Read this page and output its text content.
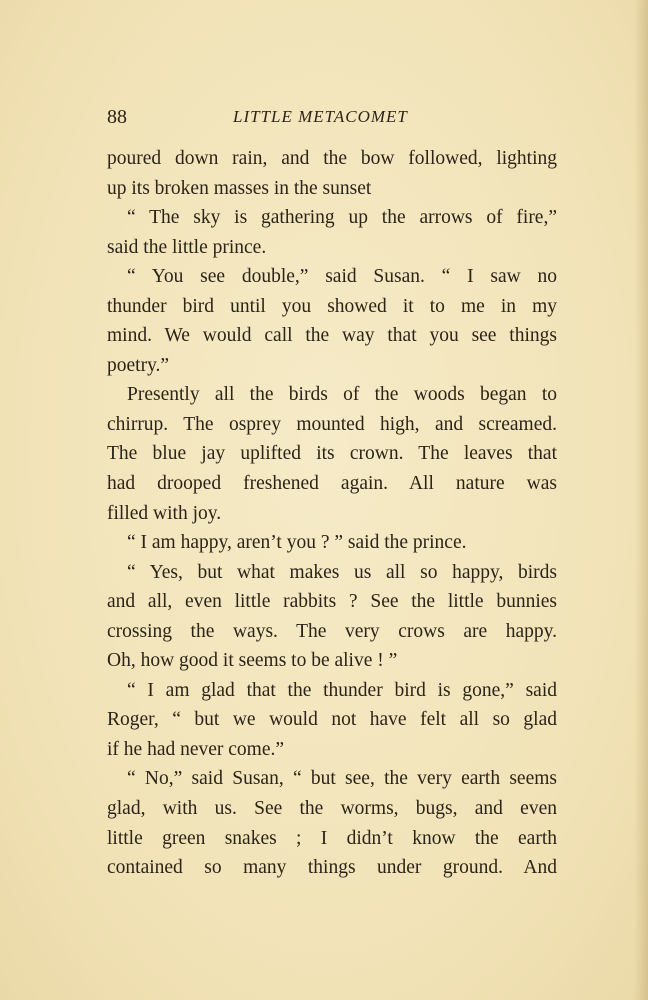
88	LITTLE METACOMET
poured down rain, and the bow followed, lighting
up its broken masses in the sunset
“ The sky is gathering up the arrows of fire,”
said the little prince.
“ You see double,” said Susan. “ I saw no
thunder bird until you showed it to me in my
mind. We would call the way that you see things
poetry.”
Presently all the birds of the woods began to
chirrup. The osprey mounted high, and screamed.
The blue jay uplifted its crown. The leaves that
had drooped freshened again. All nature was
filled with joy.
“ I am happy, aren’t you ? ” said the prince.
“ Yes, but what makes us all so happy, birds
and all, even little rabbits ? See the little bunnies
crossing the ways. The very crows are happy.
Oh, how good it seems to be alive ! ”
“ I am glad that the thunder bird is gone,” said
Roger, “ but we would not have felt all so glad
if he had never come.”
“ No,” said Susan, “ but see, the very earth seems
glad, with us. See the worms, bugs, and even
little green snakes ; I didn’t know the earth
contained so many things under ground. And
